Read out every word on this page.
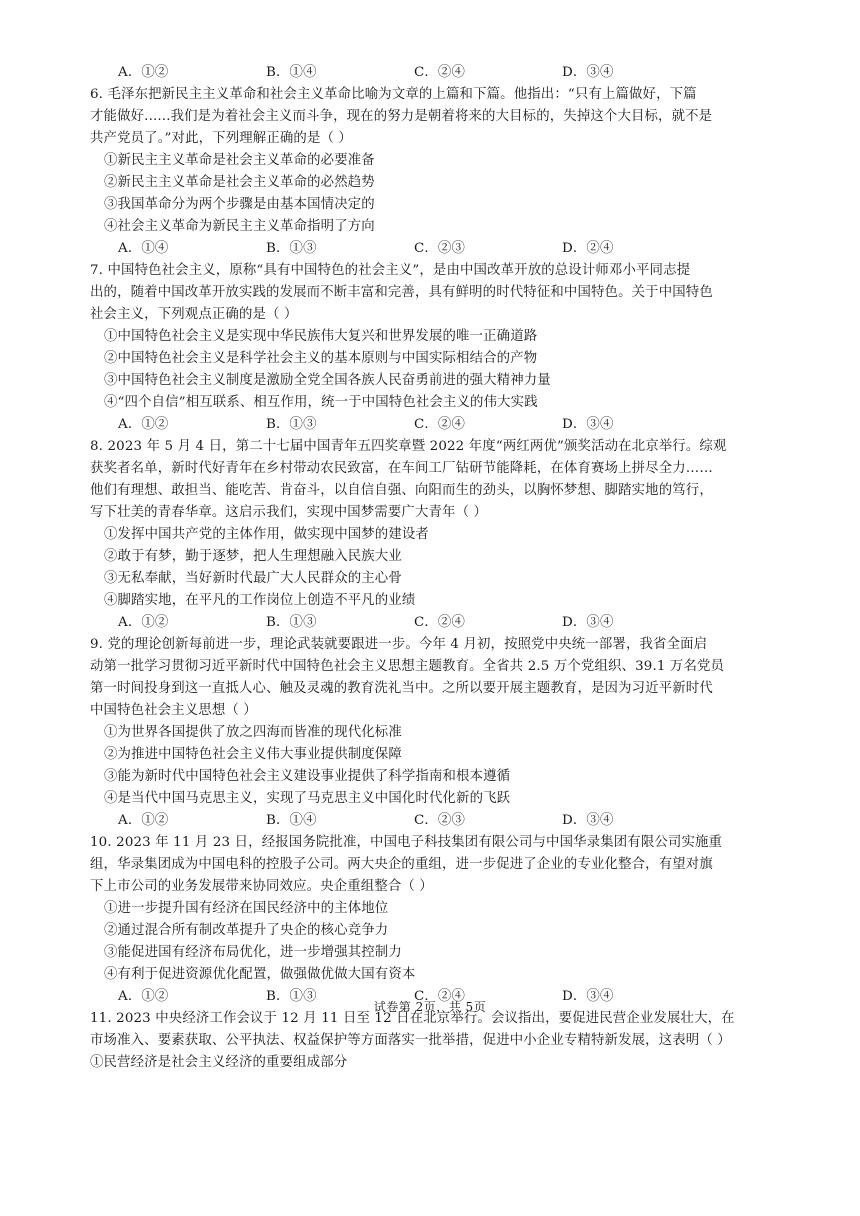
A．①②	B．①④	C．②④	D．③④
6. 毛泽东把新民主主义革命和社会主义革命比喻为文章的上篇和下篇。他指出：“只有上篇做好，下篇
才能做好......我们是为着社会主义而斗争，现在的努力是朝着将来的大目标的，失掉这个大目标，就不是
共产党员了。”对此，下列理解正确的是（ ）
①新民主主义革命是社会主义革命的必要准备
②新民主主义革命是社会主义革命的必然趋势
③我国革命分为两个步骤是由基本国情决定的
④社会主义革命为新民主主义革命指明了方向
A．①④	B．①③	C．②③	D．②④
7. 中国特色社会主义，原称“具有中国特色的社会主义”，是由中国改革开放的总设计师邓小平同志提
出的，随着中国改革开放实践的发展而不断丰富和完善，具有鲜明的时代特征和中国特色。关于中国特色
社会主义，下列观点正确的是（ ）
①中国特色社会主义是实现中华民族伟大复兴和世界发展的唯一正确道路
②中国特色社会主义是科学社会主义的基本原则与中国实际相结合的产物
③中国特色社会主义制度是激励全党全国各族人民奋勇前进的强大精神力量
④“四个自信”相互联系、相互作用，统一于中国特色社会主义的伟大实践
A．①②	B．①③	C．②④	D．③④
8. 2023 年 5 月 4 日，第二十七届中国青年五四奖章暨 2022 年度“两红两优”颁奖活动在北京举行。综观
获奖者名单，新时代好青年在乡村带动农民致富，在车间工厂钻研节能降耗，在体育赛场上拼尽全力……
他们有理想、敢担当、能吃苦、肯奋斗，以自信自强、向阳而生的劲头，以胸怀梦想、脚踏实地的笃行，
写下壮美的青春华章。这启示我们，实现中国梦需要广大青年（ ）
①发挥中国共产党的主体作用，做实现中国梦的建设者
②敢于有梦，勤于逐梦，把人生理想融入民族大业
③无私奉献，当好新时代最广大人民群众的主心骨
④脚踏实地，在平凡的工作岗位上创造不平凡的业绩
A．①②	B．①③	C．②④	D．③④
9. 党的理论创新每前进一步，理论武装就要跟进一步。今年 4 月初，按照党中央统一部署，我省全面启
动第一批学习贯彻习近平新时代中国特色社会主义思想主题教育。全省共 2.5 万个党组织、39.1 万名党员
第一时间投身到这一直抵人心、触及灵魂的教育洗礼当中。之所以要开展主题教育，是因为习近平新时代
中国特色社会主义思想（ ）
①为世界各国提供了放之四海而皆准的现代化标准
②为推进中国特色社会主义伟大事业提供制度保障
③能为新时代中国特色社会主义建设事业提供了科学指南和根本遵循
④是当代中国马克思主义，实现了马克思主义中国化时代化新的飞跃
A．①②	B．①④	C．②③	D．③④
10. 2023 年 11 月 23 日，经报国务院批准，中国电子科技集团有限公司与中国华录集团有限公司实施重
组，华录集团成为中国电科的控股子公司。两大央企的重组，进一步促进了企业的专业化整合，有望对旗
下上市公司的业务发展带来协同效应。央企重组整合（ ）
①进一步提升国有经济在国民经济中的主体地位
②通过混合所有制改革提升了央企的核心竞争力
③能促进国有经济布局优化，进一步增强其控制力
④有利于促进资源优化配置，做强做优做大国有资本
A．①②	B．①③	C．②④	D．③④
11. 2023 中央经济工作会议于 12 月 11 日至 12 日在北京举行。会议指出，要促进民营企业发展壮大，在
市场准入、要素获取、公平执法、权益保护等方面落实一批举措，促进中小企业专精特新发展，这表明（ ）
①民营经济是社会主义经济的重要组成部分
试卷第 2页，共 5页
